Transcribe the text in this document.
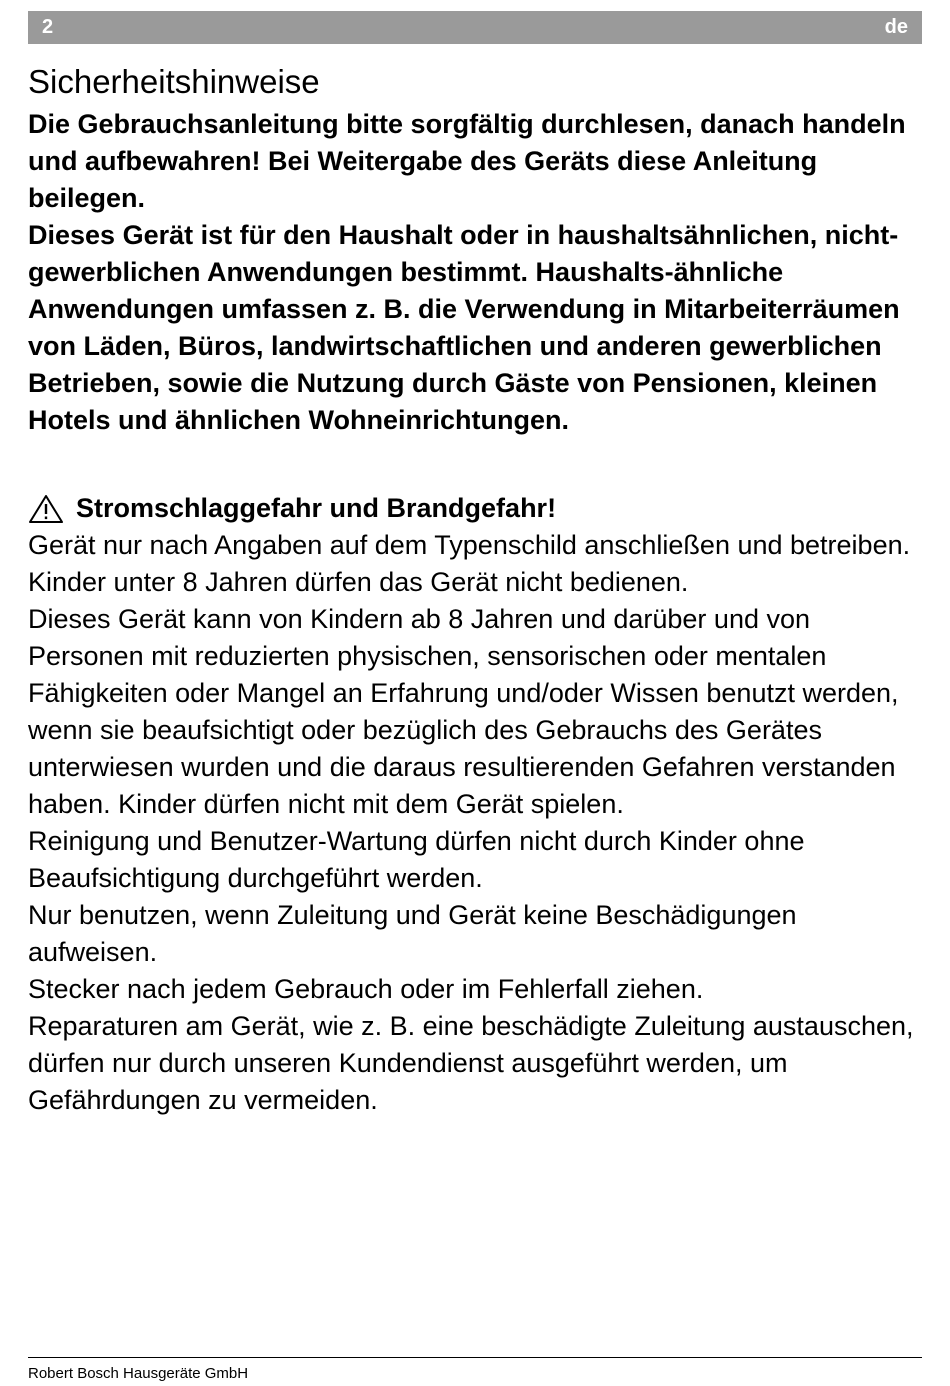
2	de
Sicherheitshinweise

Die Gebrauchsanleitung bitte sorgfältig durchlesen, danach handeln und aufbewahren! Bei Weitergabe des Geräts diese Anleitung beilegen.

Dieses Gerät ist für den Haushalt oder in haushaltsähnlichen, nicht-gewerblichen Anwendungen bestimmt. Haushalts-ähnliche Anwendungen umfassen z. B. die Verwendung in Mitarbeiterräumen von Läden, Büros, landwirtschaftlichen und anderen gewerblichen Betrieben, sowie die Nutzung durch Gäste von Pensionen, kleinen Hotels und ähnlichen Wohneinrichtungen.

Stromschlaggefahr und Brandgefahr!

Gerät nur nach Angaben auf dem Typenschild anschließen und betreiben.

Kinder unter 8 Jahren dürfen das Gerät nicht bedienen.

Dieses Gerät kann von Kindern ab 8 Jahren und darüber und von Personen mit reduzierten physischen, sensorischen oder mentalen Fähigkeiten oder Mangel an Erfahrung und/oder Wissen benutzt werden, wenn sie beaufsichtigt oder bezüglich des Gebrauchs des Gerätes unterwiesen wurden und die daraus resultierenden Gefahren verstanden haben. Kinder dürfen nicht mit dem Gerät spielen.

Reinigung und Benutzer-Wartung dürfen nicht durch Kinder ohne Beaufsichtigung durchgeführt werden.

Nur benutzen, wenn Zuleitung und Gerät keine Beschädigungen aufweisen.

Stecker nach jedem Gebrauch oder im Fehlerfall ziehen.

Reparaturen am Gerät, wie z. B. eine beschädigte Zuleitung austauschen, dürfen nur durch unseren Kundendienst ausgeführt werden, um Gefährdungen zu vermeiden.

Robert Bosch Hausgeräte GmbH
